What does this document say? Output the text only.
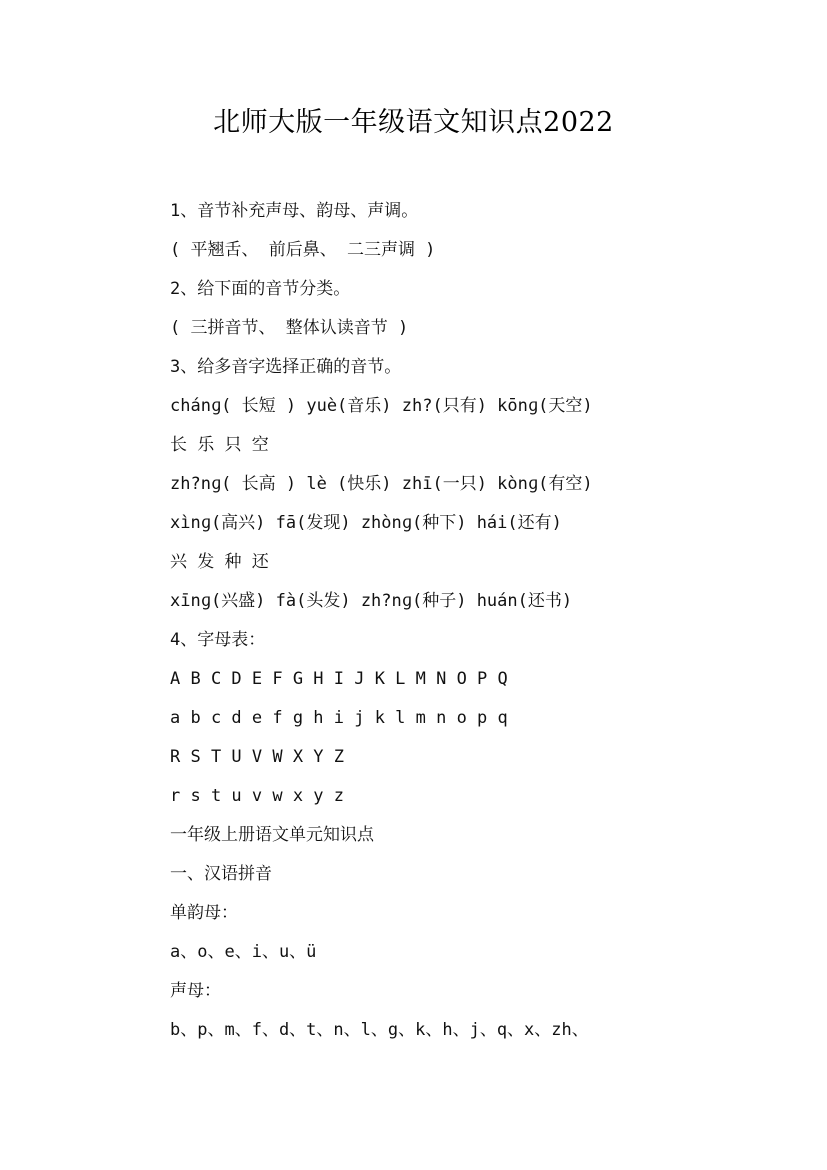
北师大版一年级语文知识点2022
1、音节补充声母、韵母、声调。
( 平翘舌、 前后鼻、 二三声调 )
2、给下面的音节分类。
( 三拼音节、 整体认读音节 )
3、给多音字选择正确的音节。
chánɡ( 长短 ) yuè(音乐) zh?(只有) kōnɡ(天空)
长 乐 只 空
zh?nɡ( 长高 ) lè (快乐) zhī(一只) kònɡ(有空)
xìnɡ(高兴) fā(发现) zhònɡ(种下) hái(还有)
兴 发 种 还
xīnɡ(兴盛) fà(头发) zh?nɡ(种子) huán(还书)
4、字母表：
A B C D E F G H I J K L M N O P Q
a b c d e f g h i j k l m n o p q
R S T U V W X Y Z
r s t u v w x y z
一年级上册语文单元知识点
一、汉语拼音
单韵母：
a、o、e、i、u、ü
声母：
b、p、m、f、d、t、n、l、g、k、h、j、q、x、zh、
